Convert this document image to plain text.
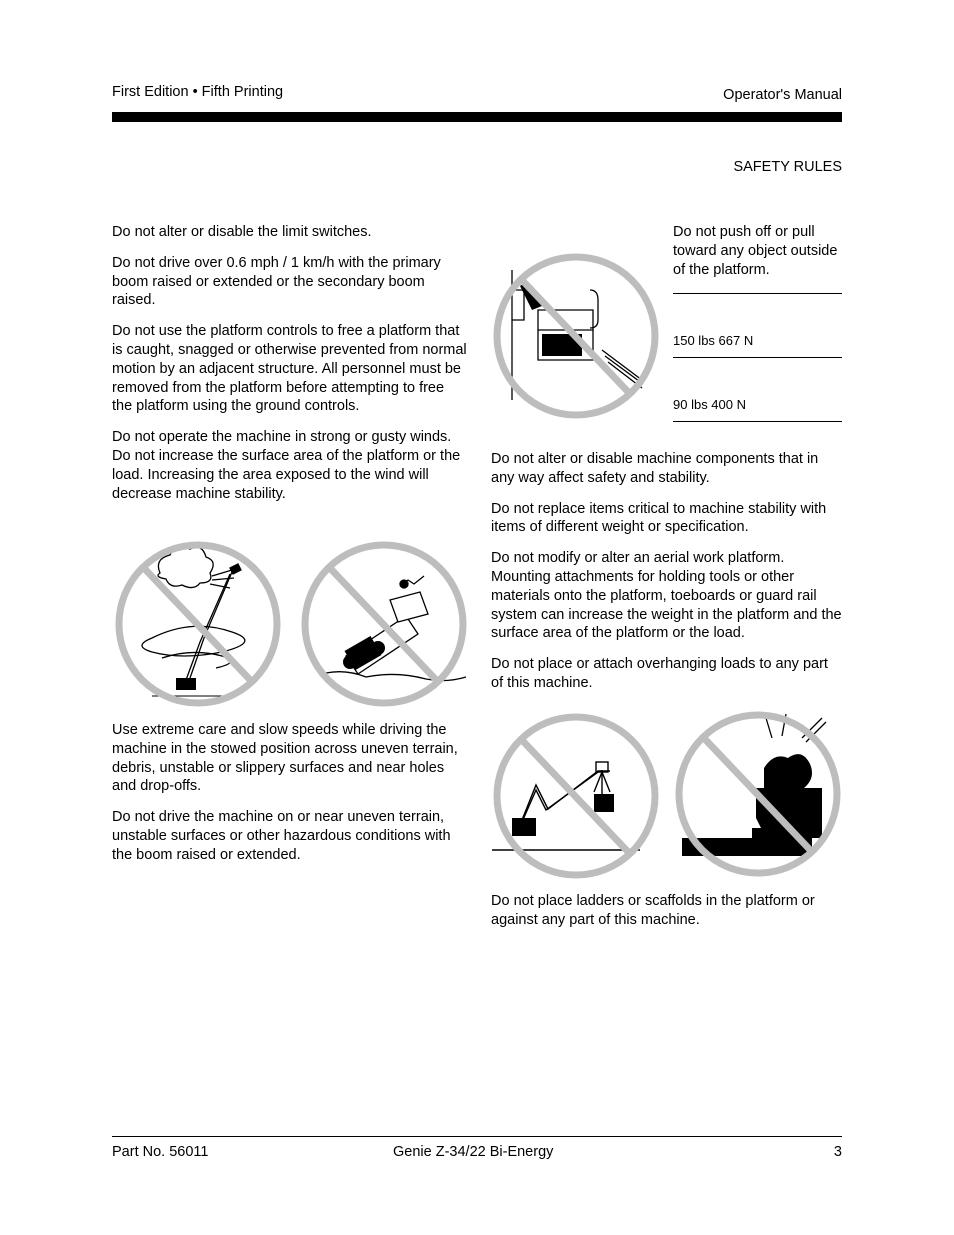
First Edition • Fifth Printing	Operator's Manual
SAFETY RULES

Do not alter or disable the limit switches.

Do not drive over 0.6 mph / 1 km/h with the primary boom raised or extended or the secondary boom raised.

Do not use the platform controls to free a platform that is caught, snagged or otherwise prevented from normal motion by an adjacent structure. All personnel must be removed from the platform before attempting to free the platform using the ground controls.

Do not operate the machine in strong or gusty winds. Do not increase the surface area of the platform or the load. Increasing the area exposed to the wind will decrease machine stability.

Use extreme care and slow speeds while driving the machine in the stowed position across uneven terrain, debris, unstable or slippery surfaces and near holes and drop-offs.

Do not drive the machine on or near uneven terrain, unstable surfaces or other hazardous conditions with the boom raised or extended.

Do not push off or pull toward any object outside of the platform.
150 lbs 667 N
90 lbs 400 N

Do not alter or disable machine components that in any way affect safety and stability.

Do not replace items critical to machine stability with items of different weight or specification.

Do not modify or alter an aerial work platform. Mounting attachments for holding tools or other materials onto the platform, toeboards or guard rail system can increase the weight in the platform and the surface area of the platform or the load.

Do not place or attach overhanging loads to any part of this machine.

Do not place ladders or scaffolds in the platform or against any part of this machine.

Part No. 56011	Genie Z-34/22 Bi-Energy	3
